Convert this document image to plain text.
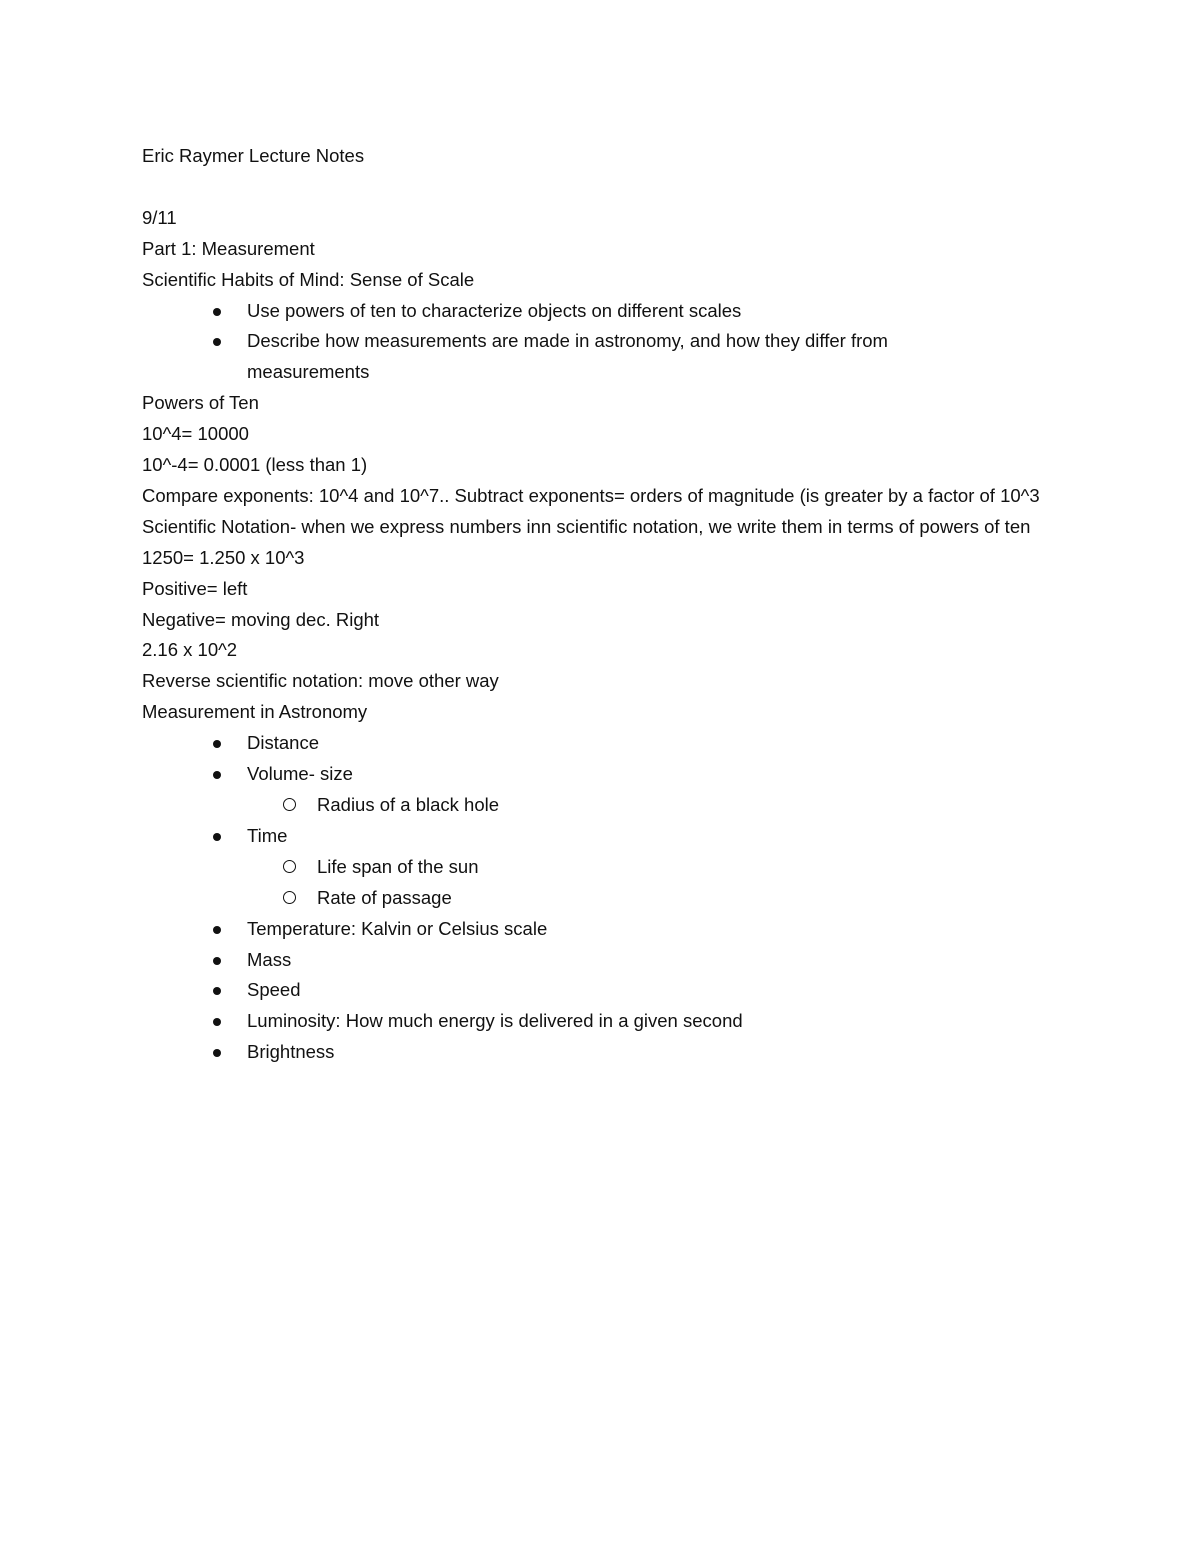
Eric Raymer Lecture Notes
9/11
Part 1: Measurement
Scientific Habits of Mind: Sense of Scale
Use powers of ten to characterize objects on different scales
Describe how measurements are made in astronomy, and how they differ from measurements
Powers of Ten
10^4= 10000
10^-4= 0.0001 (less than 1)
Compare exponents: 10^4 and 10^7.. Subtract exponents= orders of magnitude (is greater by a factor of 10^3
Scientific Notation- when we express numbers inn scientific notation, we write them in terms of powers of ten
1250= 1.250 x 10^3
Positive= left
Negative= moving dec. Right
2.16 x 10^2
Reverse scientific notation: move other way
Measurement in Astronomy
Distance
Volume- size
Radius of a black hole
Time
Life span of the sun
Rate of passage
Temperature: Kalvin or Celsius scale
Mass
Speed
Luminosity: How much energy is delivered in a given second
Brightness
